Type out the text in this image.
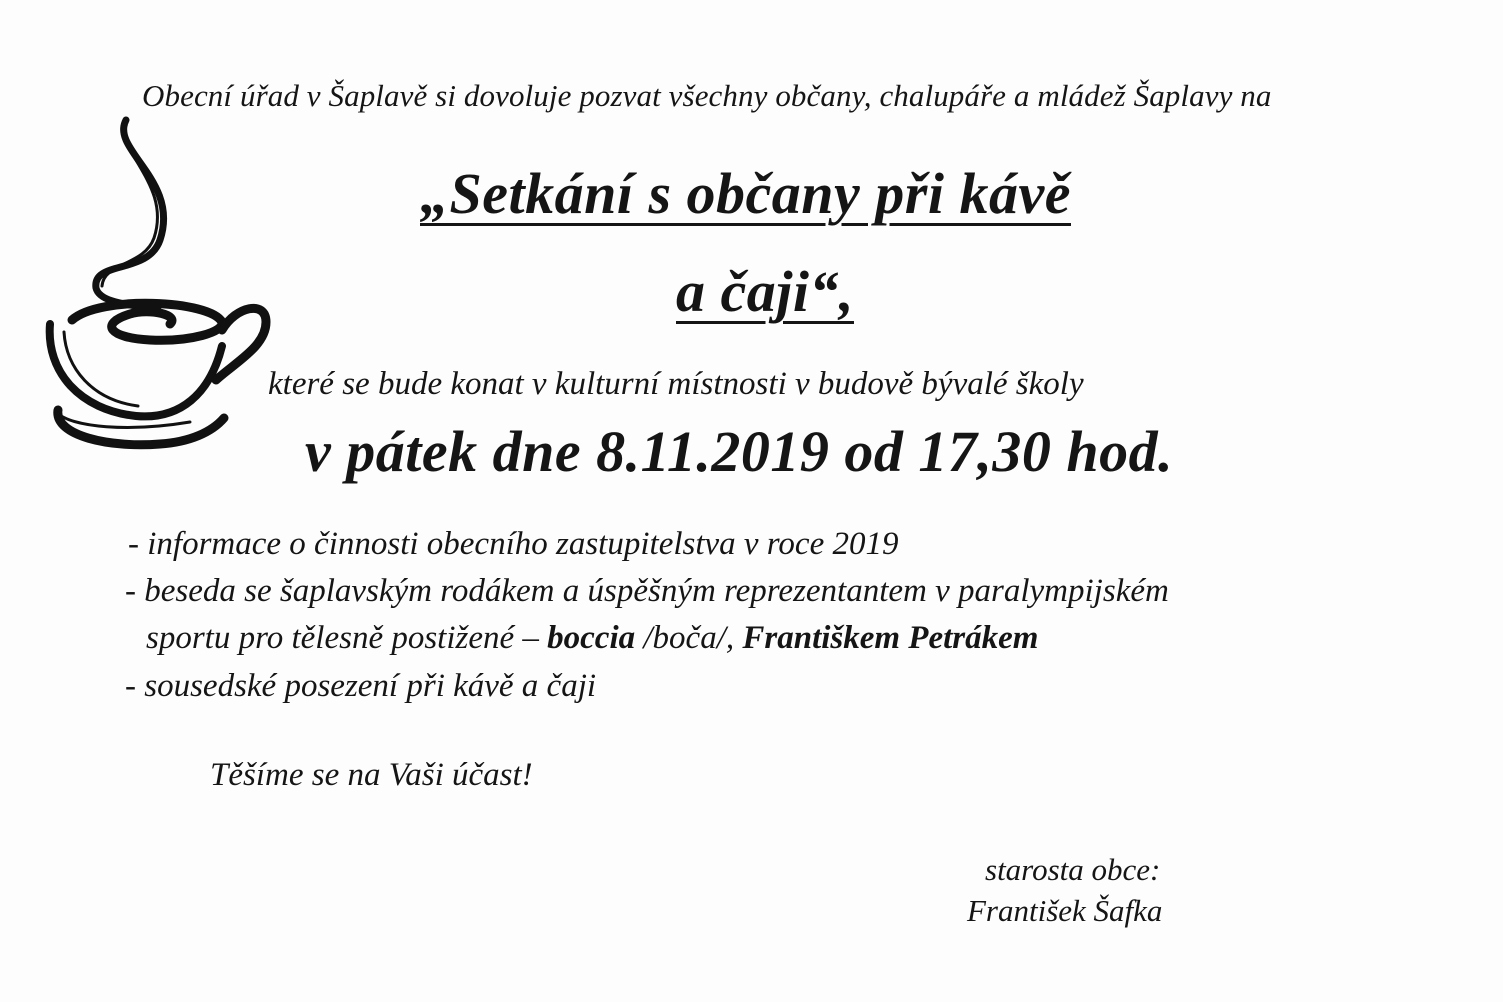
Obecní úřad v Šaplavě si dovoluje pozvat všechny občany, chalupáře a mládež Šaplavy na
„Setkání s občany při kávě
a čaji“,
které se bude konat v kulturní místnosti v budově bývalé školy
v pátek dne 8.11.2019 od 17,30 hod.
- informace o činnosti obecního zastupitelstva v roce 2019
- beseda se šaplavským rodákem a úspěšným reprezentantem v paralympijském
sportu pro tělesně postižené – boccia /boča/, Františkem Petrákem
- sousedské posezení při kávě a čaji
Těšíme se na Vaši účast!
starosta obce:
František Šafka
